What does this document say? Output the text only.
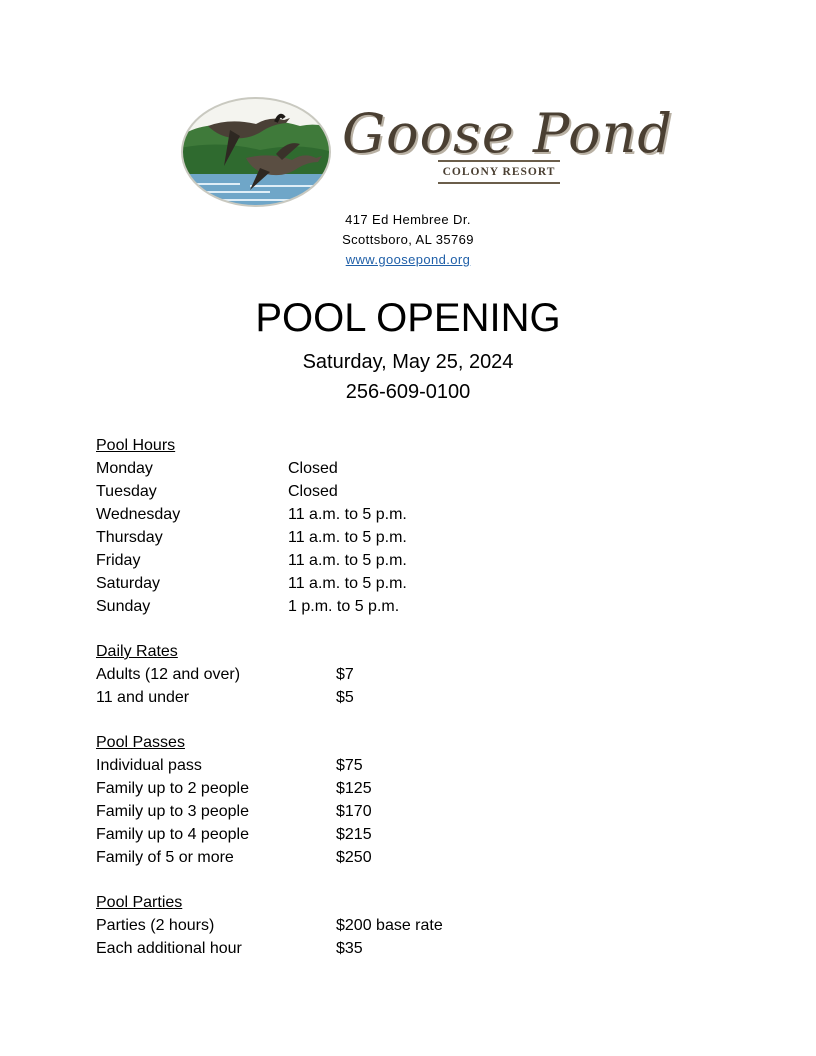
Goose Pond
COLONY RESORT
417 Ed Hembree Dr.
Scottsboro, AL 35769
www.goosepond.org
POOL OPENING
Saturday, May 25, 2024
256-609-0100
Pool Hours
Monday	Closed
Tuesday	Closed
Wednesday	11 a.m. to 5 p.m.
Thursday	11 a.m. to 5 p.m.
Friday	11 a.m. to 5 p.m.
Saturday	11 a.m. to 5 p.m.
Sunday	1 p.m. to 5 p.m.
Daily Rates
Adults (12 and over)	$7
11 and under	$5
Pool Passes
Individual pass	$75
Family up to 2 people	$125
Family up to 3 people	$170
Family up to 4 people	$215
Family of 5 or more	$250
Pool Parties
Parties (2 hours)	$200 base rate
Each additional hour	$35
